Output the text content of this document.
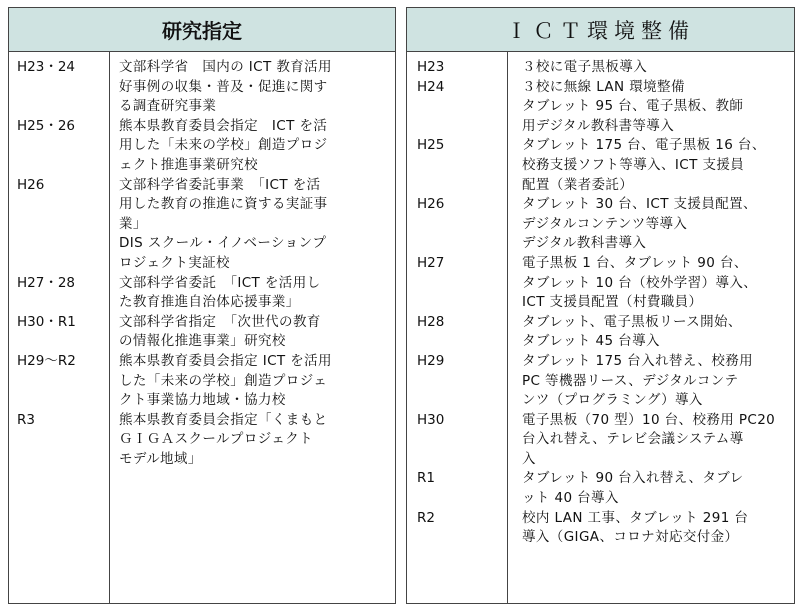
研究指定
H23・24	文部科学省　国内の ICT 教育活用
好事例の収集・普及・促進に関す
る調査研究事業
H25・26	熊本県教育委員会指定　ICT を活
用した「未来の学校」創造プロジ
ェクト推進事業研究校
H26	文部科学省委託事業　「ICT を活
用した教育の推進に資する実証事
業」
DIS スクール・イノベーションプ
ロジェクト実証校
H27・28	文部科学省委託　「ICT を活用し
た教育推進自治体応援事業」
H30・R1	文部科学省指定　「次世代の教育
の情報化推進事業」研究校
H29～R2	熊本県教育委員会指定 ICT を活用
した「未来の学校」創造プロジェ
クト事業協力地域・協力校
R3	熊本県教育委員会指定「くまもと
ＧＩＧＡスクールプロジェクト
モデル地域」
ＩＣＴ環境整備
H23	３校に電子黒板導入
H24	３校に無線 LAN 環境整備
タブレット 95 台、電子黒板、教師
用デジタル教科書等導入
H25	タブレット 175 台、電子黒板 16 台、
校務支援ソフト等導入、ICT 支援員
配置（業者委託）
H26	タブレット 30 台、ICT 支援員配置、
デジタルコンテンツ等導入
デジタル教科書導入
H27	電子黒板 1 台、タブレット 90 台、
タブレット 10 台（校外学習）導入、
ICT 支援員配置（村費職員）
H28	タブレット、電子黒板リース開始、
タブレット 45 台導入
H29	タブレット 175 台入れ替え、校務用
PC 等機器リース、デジタルコンテ
ンツ（プログラミング）導入
H30	電子黒板（70 型）10 台、校務用 PC20
台入れ替え、テレビ会議システム導
入
R1	タブレット 90 台入れ替え、タブレ
ット 40 台導入
R2	校内 LAN 工事、タブレット 291 台
導入（GIGA、コロナ対応交付金）
